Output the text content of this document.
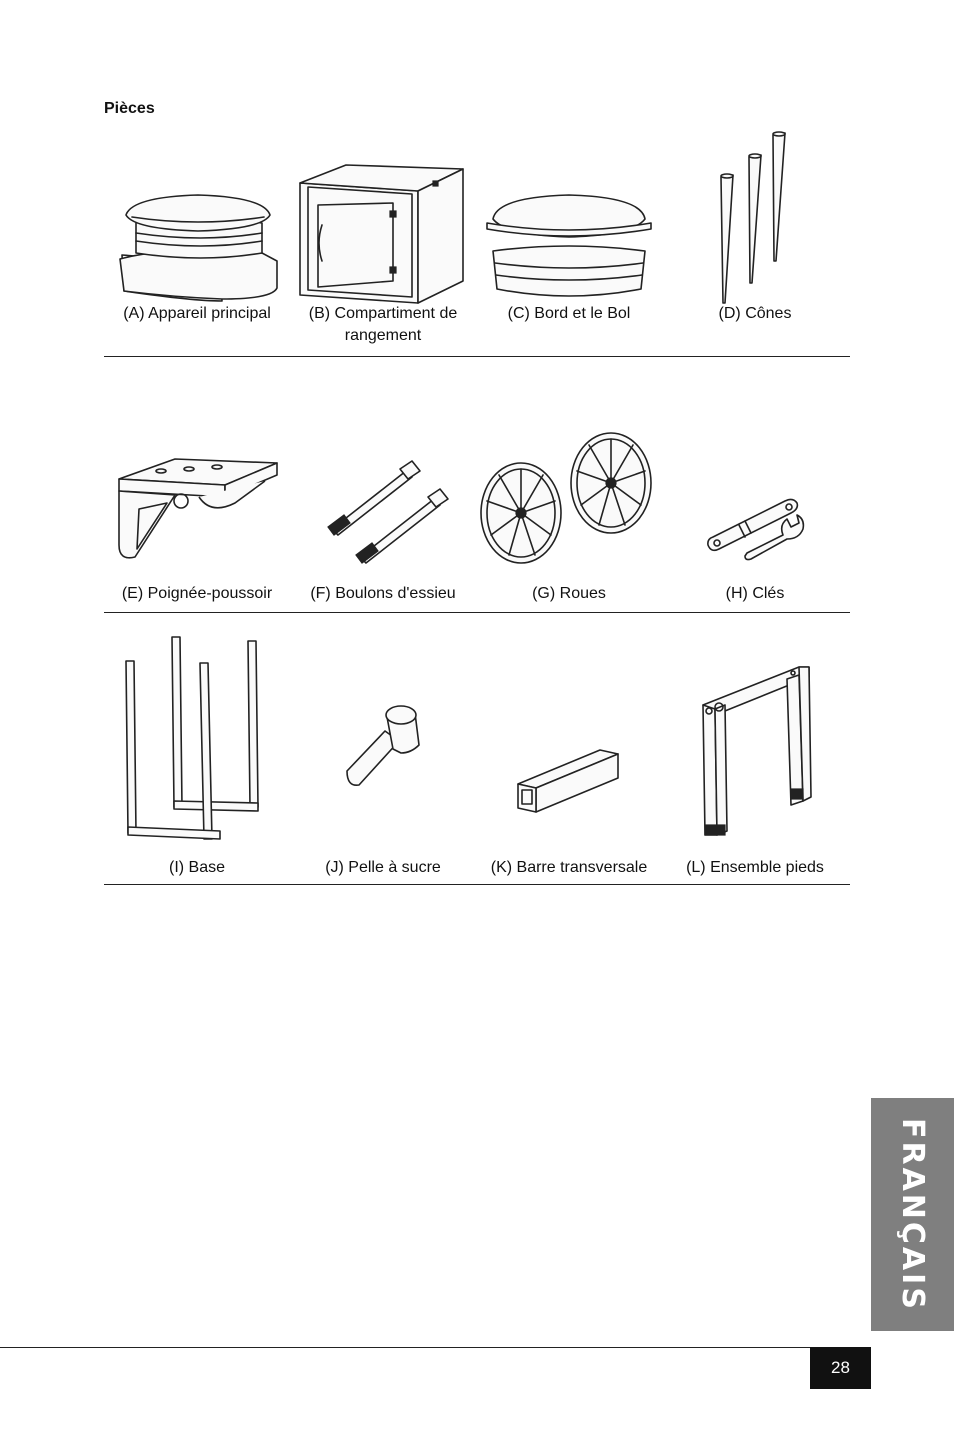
Pièces
(A) Appareil principal	(B) Compartiment de rangement
(C) Bord et le Bol	(D) Cônes
(E) Poignée-poussoir	(F) Boulons d'essieu	(G) Roues	(H) Clés
(I) Base	(J) Pelle à sucre	(K) Barre transversale	(L) Ensemble pieds
FRANÇAIS
28
